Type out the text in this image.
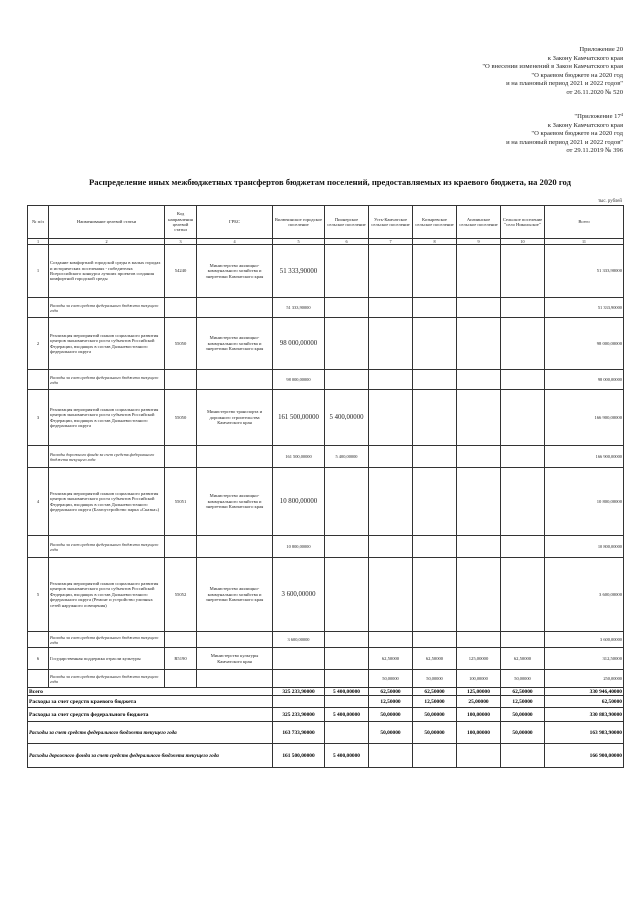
Приложение 20
к Закону Камчатского края
"О внесении изменений в Закон Камчатского края
"О краевом бюджете на 2020 год
и на плановый период 2021 и 2022 годов"
от 26.11.2020 № 520
"Приложение $17^4$
к Закону Камчатского края
"О краевом бюджете на 2020 год
и на плановый период 2021 и 2022 годов"
от 29.11.2019 № 396
Распределение иных межбюджетных трансфертов бюджетам поселений, предоставляемых из краевого бюджета, на 2020 год
тыс. рублей
№ п/п	Наименование целевой статьи	Код направления целевой статьи	ГРБС	Вилючинское городское поселение	Пионерское сельское поселение	Усть-Камчатское сельское поселение	Козыревское сельское поселение	Апачинское сельское поселение	Сельское поселение "село Никольское"	Всего
1	2	3	4	5	6	7	8	9	10	11
1	Создание комфортной городской среды в малых городах и исторических поселениях - победителях Всероссийского конкурса лучших проектов создания комфортной городской среды	54240	Министерство жилищно-коммунального хозяйства и энергетики Камчатского края	51 333,90000						51 333,90000
	Расходы за счет средств федерального бюджета текущего года			51 333,90000						51 333,90000
2	Реализация мероприятий планов социального развития центров экономического роста субъектов Российской Федерации, входящих в состав Дальневосточного федерального округа	55050	Министерство жилищно-коммунального хозяйства и энергетики Камчатского края	98 000,00000						98 000,00000
	Расходы за счет средств федерального бюджета текущего года			98 000,00000						98 000,00000
3	Реализация мероприятий планов социального развития центров экономического роста субъектов Российской Федерации, входящих в состав Дальневосточного федерального округа	55050	Министерство транспорта и дорожного строительства Камчатского края	161 500,00000	5 400,00000					166 900,00000
	Расходы дорожного фонда за счет средств федерального бюджета текущего года			161 500,00000	5 400,00000					166 900,00000
4	Реализация мероприятий планов социального развития центров экономического роста субъектов Российской Федерации, входящих в состав Дальневосточного федерального округа (Благоустройство парка «Сказка»)	55051	Министерство жилищно-коммунального хозяйства и энергетики Камчатского края	10 800,00000						10 800,00000
	Расходы за счет средств федерального бюджета текущего года			10 800,00000						10 800,00000
5	Реализация мероприятий планов социального развития центров экономического роста субъектов Российской Федерации, входящих в состав Дальневосточного федерального округа (Ремонт и устройство уличных сетей наружного освещения)	55052	Министерство жилищно-коммунального хозяйства и энергетики Камчатского края	3 600,00000						3 600,00000
	Расходы за счет средств федерального бюджета текущего года			3 600,00000						3 600,00000
6	Государственная поддержка отрасли культуры	R5190	Министерство культуры Камчатского края			62,50000	62,50000	125,00000	62,50000	312,50000
	Расходы за счет средств федерального бюджета текущего года					50,00000	50,00000	100,00000	50,00000	250,00000
Всего				325 233,90000	5 400,00000	62,50000	62,50000	125,00000	62,50000	330 946,40000
Расходы за счет средств краевого бюджета						12,50000	12,50000	25,00000	12,50000	62,50000
Расходы за счет средств федерального бюджета				325 233,90000	5 400,00000	50,00000	50,00000	100,00000	50,00000	330 883,90000
Расходы за счет средств федерального бюджета текущего года				163 733,90000		50,00000	50,00000	100,00000	50,00000	163 983,90000
Расходы дорожного фонда за счет средств федерального бюджета текущего года				161 500,00000	5 400,00000					166 900,00000
